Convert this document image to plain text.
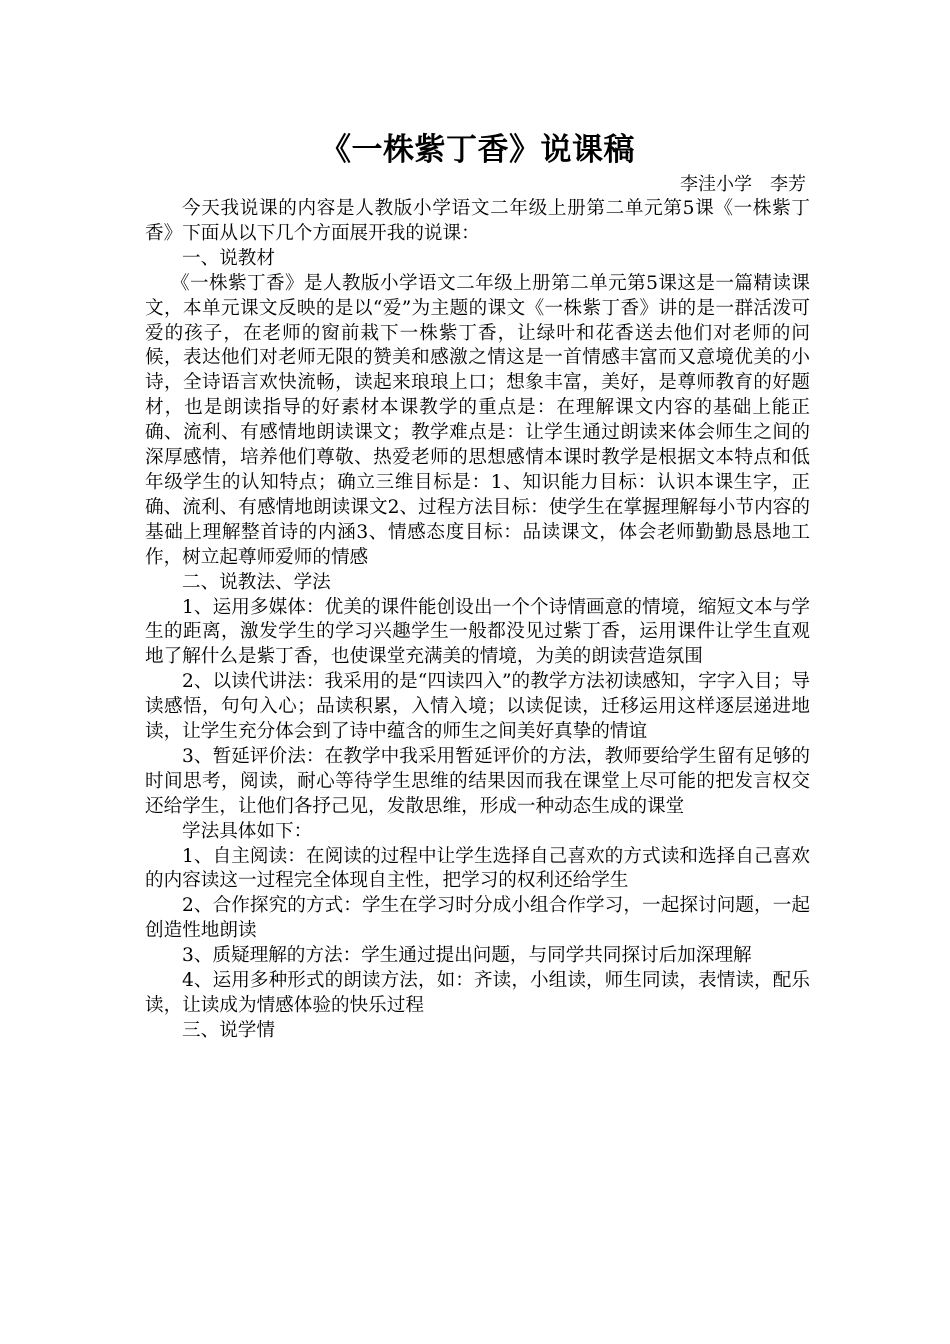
《一株紫丁香》说课稿

李洼小学　李芳

今天我说课的内容是人教版小学语文二年级上册第二单元第5课《一株紫丁香》下面从以下几个方面展开我的说课：

一、说教材

《一株紫丁香》是人教版小学语文二年级上册第二单元第5课这是一篇精读课文，本单元课文反映的是以“爱”为主题的课文《一株紫丁香》讲的是一群活泼可爱的孩子，在老师的窗前栽下一株紫丁香，让绿叶和花香送去他们对老师的问候，表达他们对老师无限的赞美和感激之情这是一首情感丰富而又意境优美的小诗，全诗语言欢快流畅，读起来琅琅上口；想象丰富，美好，是尊师教育的好题材，也是朗读指导的好素材本课教学的重点是：在理解课文内容的基础上能正确、流利、有感情地朗读课文；教学难点是：让学生通过朗读来体会师生之间的深厚感情，培养他们尊敬、热爱老师的思想感情本课时教学是根据文本特点和低年级学生的认知特点；确立三维目标是：1、知识能力目标：认识本课生字，正确、流利、有感情地朗读课文2、过程方法目标：使学生在掌握理解每小节内容的基础上理解整首诗的内涵3、情感态度目标：品读课文，体会老师勤勤恳恳地工作，树立起尊师爱师的情感

二、说教法、学法

1、运用多媒体：优美的课件能创设出一个个诗情画意的情境，缩短文本与学生的距离，激发学生的学习兴趣学生一般都没见过紫丁香，运用课件让学生直观地了解什么是紫丁香，也使课堂充满美的情境，为美的朗读营造氛围

2、以读代讲法：我采用的是“四读四入”的教学方法初读感知，字字入目；导读感悟，句句入心；品读积累，入情入境；以读促读，迁移运用这样逐层递进地读，让学生充分体会到了诗中蕴含的师生之间美好真挚的情谊

3、暂延评价法：在教学中我采用暂延评价的方法，教师要给学生留有足够的时间思考，阅读，耐心等待学生思维的结果因而我在课堂上尽可能的把发言权交还给学生，让他们各抒己见，发散思维，形成一种动态生成的课堂

学法具体如下：

1、自主阅读：在阅读的过程中让学生选择自己喜欢的方式读和选择自己喜欢的内容读这一过程完全体现自主性，把学习的权利还给学生

2、合作探究的方式：学生在学习时分成小组合作学习，一起探讨问题，一起创造性地朗读

3、质疑理解的方法：学生通过提出问题，与同学共同探讨后加深理解

4、运用多种形式的朗读方法，如：齐读，小组读，师生同读，表情读，配乐读，让读成为情感体验的快乐过程

三、说学情
